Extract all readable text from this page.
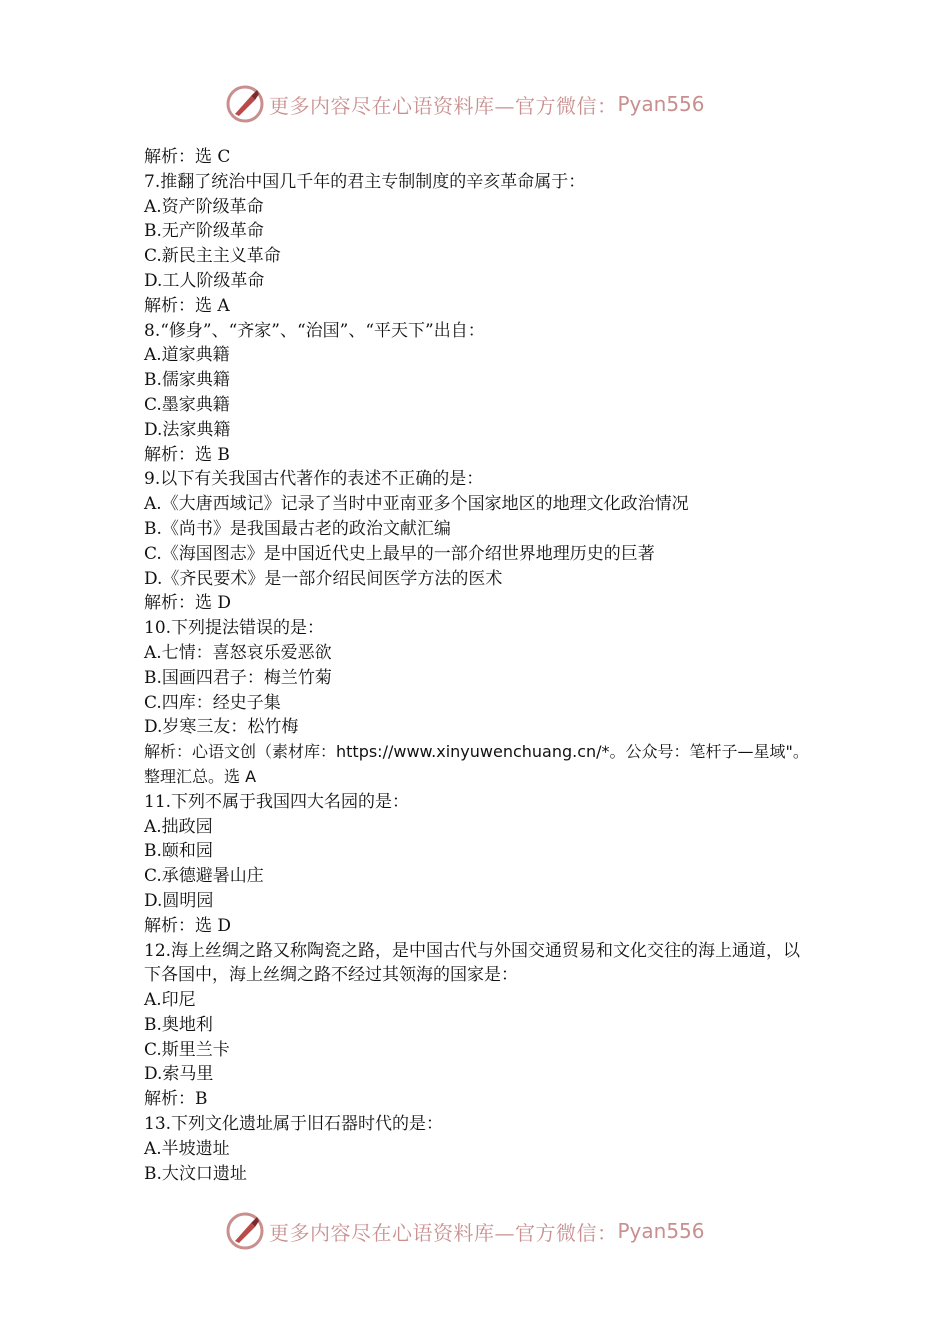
更多内容尽在心语资料库—官方微信： Pyan556
解析：选 C
7.推翻了统治中国几千年的君主专制制度的辛亥革命属于：
A.资产阶级革命
B.无产阶级革命
C.新民主主义革命
D.工人阶级革命
解析：选 A
8.“修身”、“齐家”、“治国”、“平天下”出自：
A.道家典籍
B.儒家典籍
C.墨家典籍
D.法家典籍
解析：选 B
9.以下有关我国古代著作的表述不正确的是：
A.《大唐西域记》记录了当时中亚南亚多个国家地区的地理文化政治情况
B.《尚书》是我国最古老的政治文献汇编
C.《海国图志》是中国近代史上最早的一部介绍世界地理历史的巨著
D.《齐民要术》是一部介绍民间医学方法的医术
解析：选 D
10.下列提法错误的是：
A.七情：喜怒哀乐爱恶欲
B.国画四君子：梅兰竹菊
C.四库：经史子集
D.岁寒三友：松竹梅
解析：心语文创（素材库：https://www.xinyuwenchuang.cn/*。公众号：笔杆子—星域"。整理汇总。选 A
11.下列不属于我国四大名园的是：
A.拙政园
B.颐和园
C.承德避暑山庄
D.圆明园
解析：选 D
12.海上丝绸之路又称陶瓷之路，是中国古代与外国交通贸易和文化交往的海上通道，以下各国中，海上丝绸之路不经过其领海的国家是：
A.印尼
B.奥地利
C.斯里兰卡
D.索马里
解析：B
13.下列文化遗址属于旧石器时代的是：
A.半坡遗址
B.大汶口遗址
更多内容尽在心语资料库—官方微信： Pyan556
